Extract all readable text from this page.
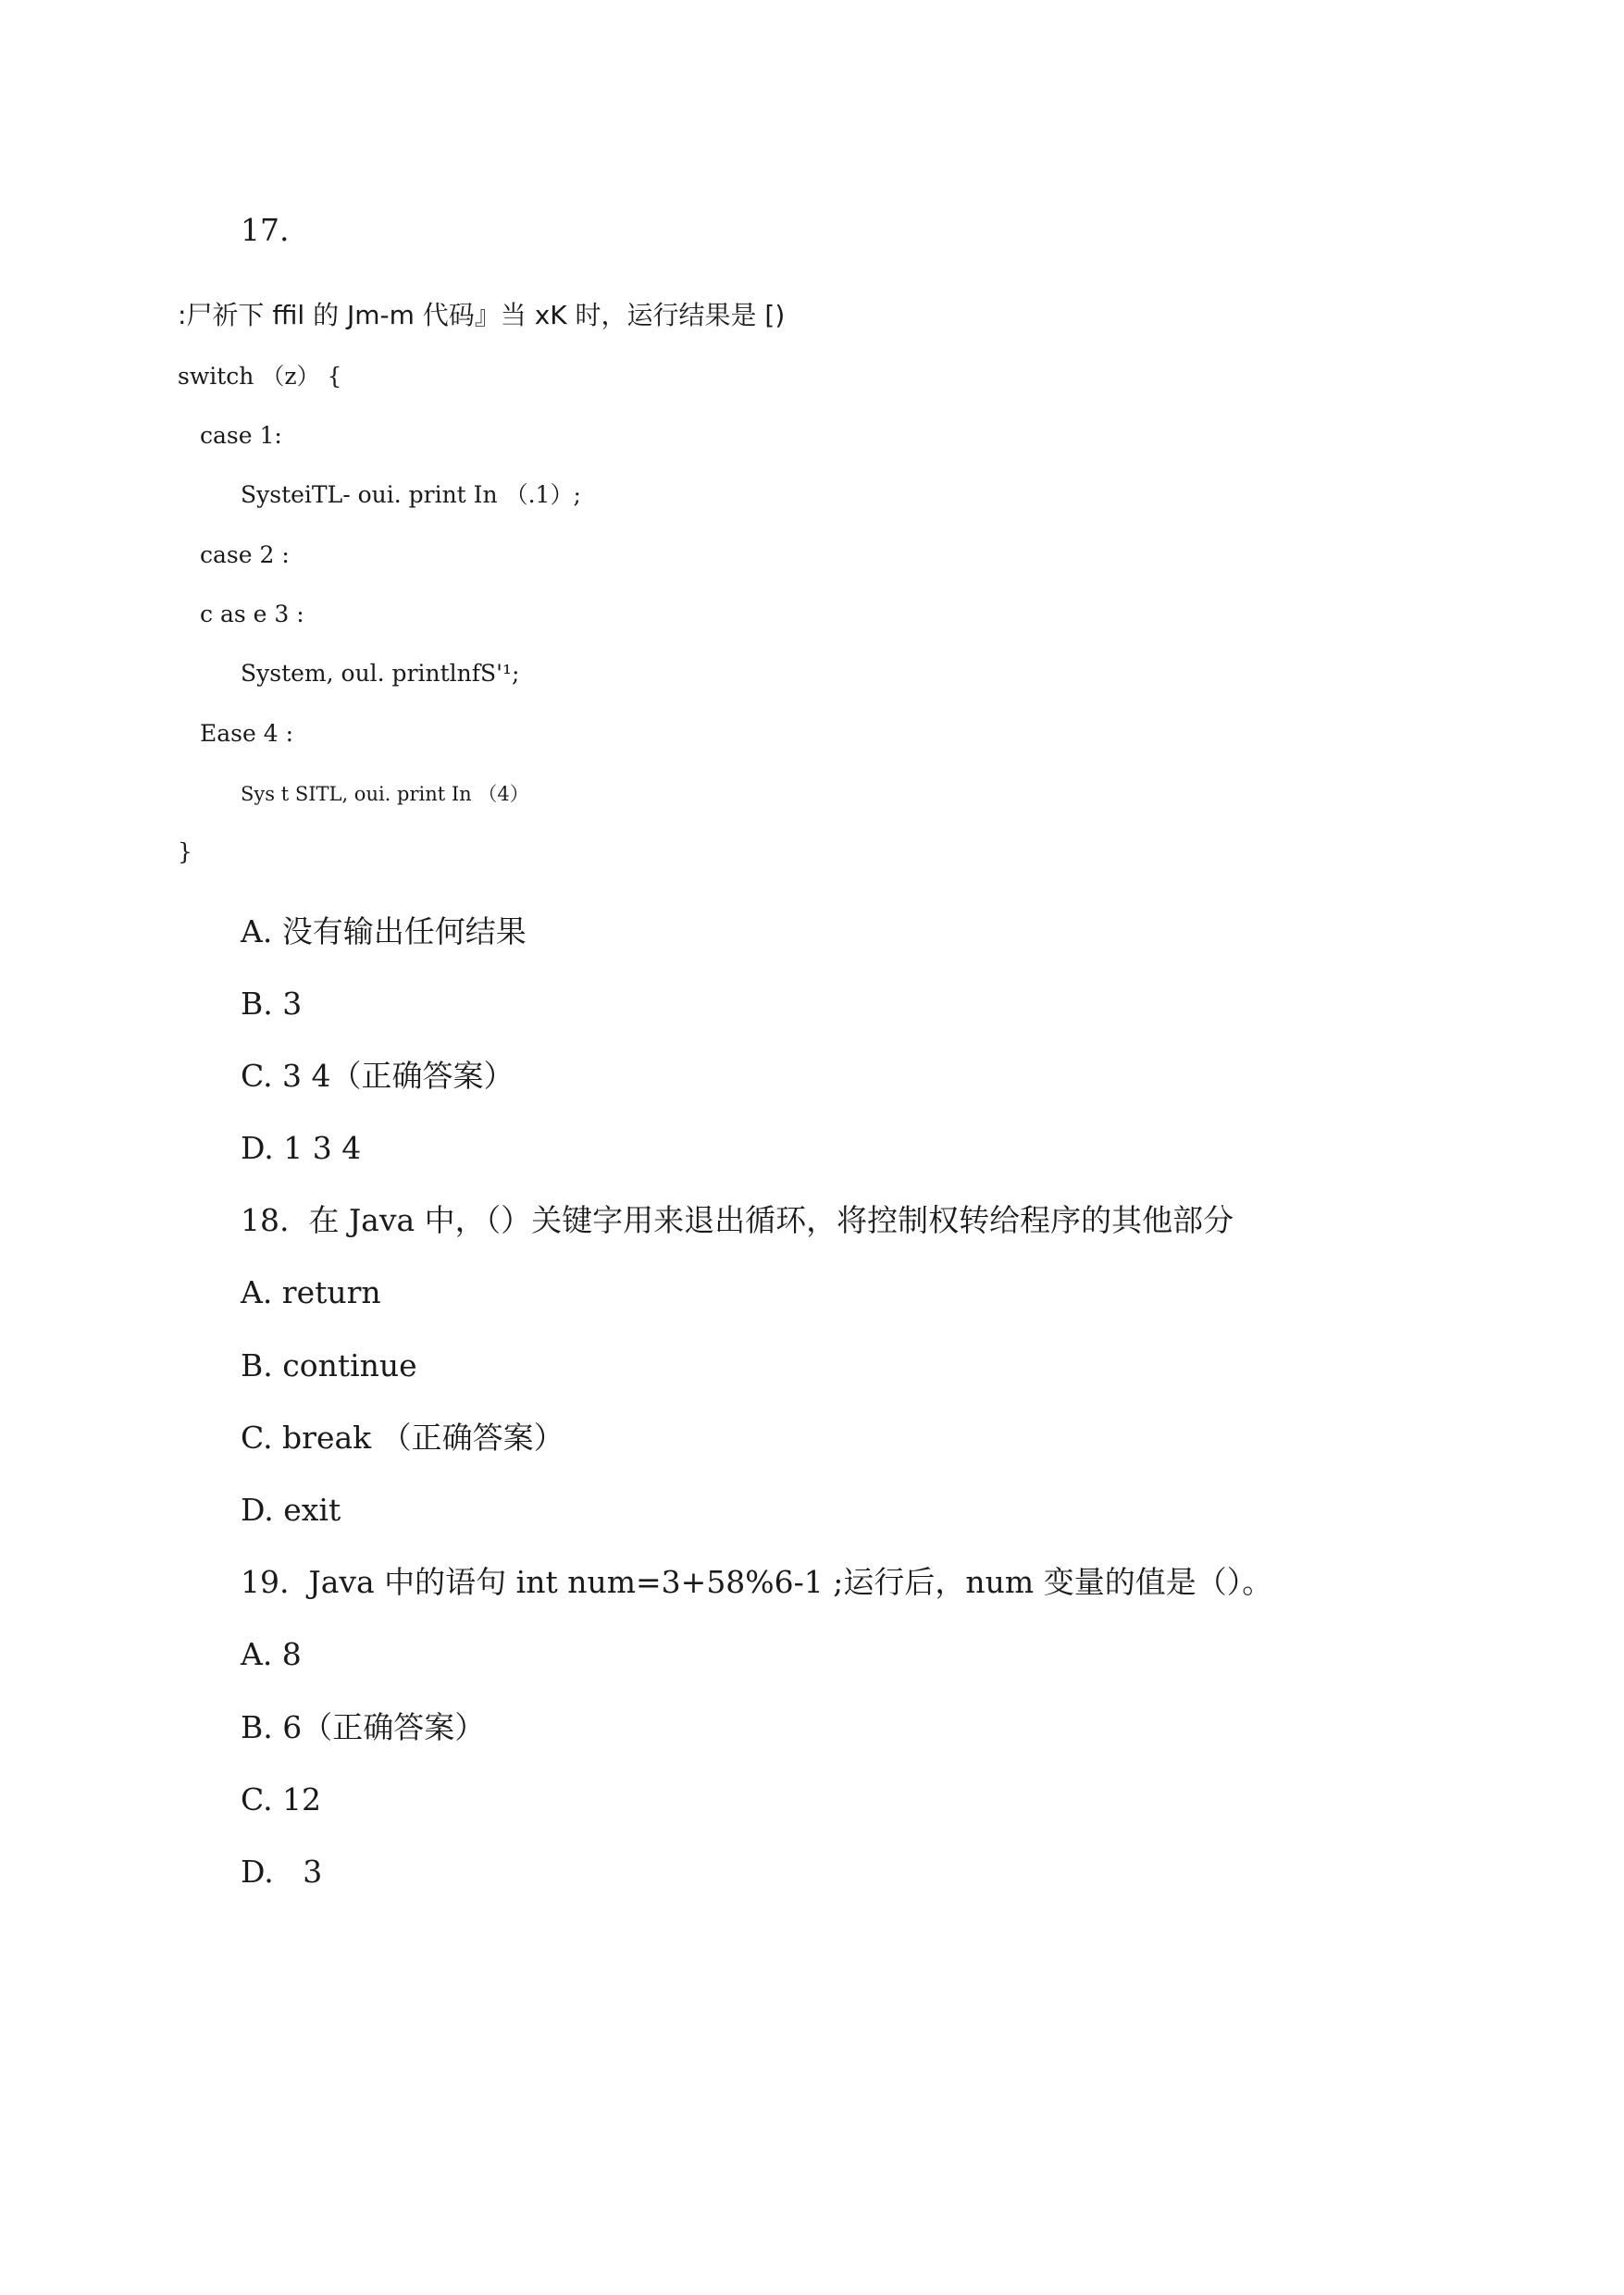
17.
:尸祈下 ffil 的 Jm-m 代码』当 xK 时，运行结果是 [)
switch （z） {
case 1:
SysteiTL- oui. print In （.1）;
case 2 :
c as e 3 :
System, oul. printlnfS'¹;
Ease 4 :
Sys t SITL, oui. print In （4）
}
A. 没有输出任何结果
B. 3
C. 3 4（正确答案）
D. 1 3 4
18.  在 Java 中，（）关键字用来退出循环，将控制权转给程序的其他部分
A. return
B. continue
C. break （正确答案）
D. exit
19.  Java 中的语句 int num=3+58%6-1 ;运行后，num 变量的值是（）。
A. 8
B. 6（正确答案）
C. 12
D.   3
